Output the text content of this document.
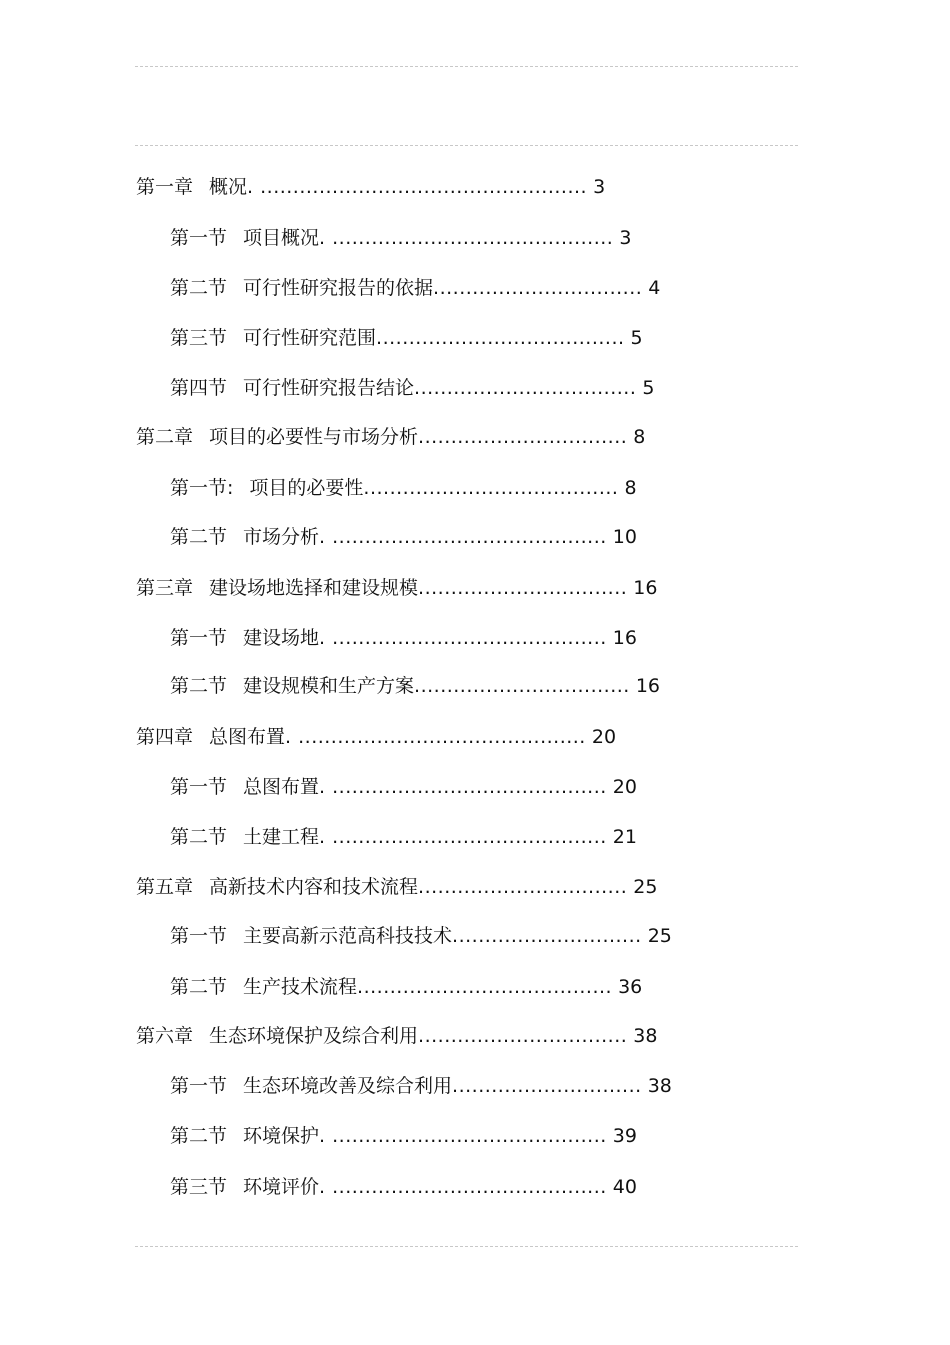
第一章 概况. .................................................. 3
第一节 项目概况. ........................................... 3
第二节 可行性研究报告的依据................................ 4
第三节 可行性研究范围...................................... 5
第四节 可行性研究报告结论.................................. 5
第二章 项目的必要性与市场分析................................ 8
第一节: 项目的必要性....................................... 8
第二节 市场分析. .......................................... 10
第三章 建设场地选择和建设规模................................ 16
第一节 建设场地. .......................................... 16
第二节 建设规模和生产方案................................. 16
第四章 总图布置. ............................................ 20
第一节 总图布置. .......................................... 20
第二节 土建工程. .......................................... 21
第五章 高新技术内容和技术流程................................ 25
第一节 主要高新示范高科技技术............................. 25
第二节 生产技术流程....................................... 36
第六章 生态环境保护及综合利用................................ 38
第一节 生态环境改善及综合利用............................. 38
第二节 环境保护. .......................................... 39
第三节 环境评价. .......................................... 40
